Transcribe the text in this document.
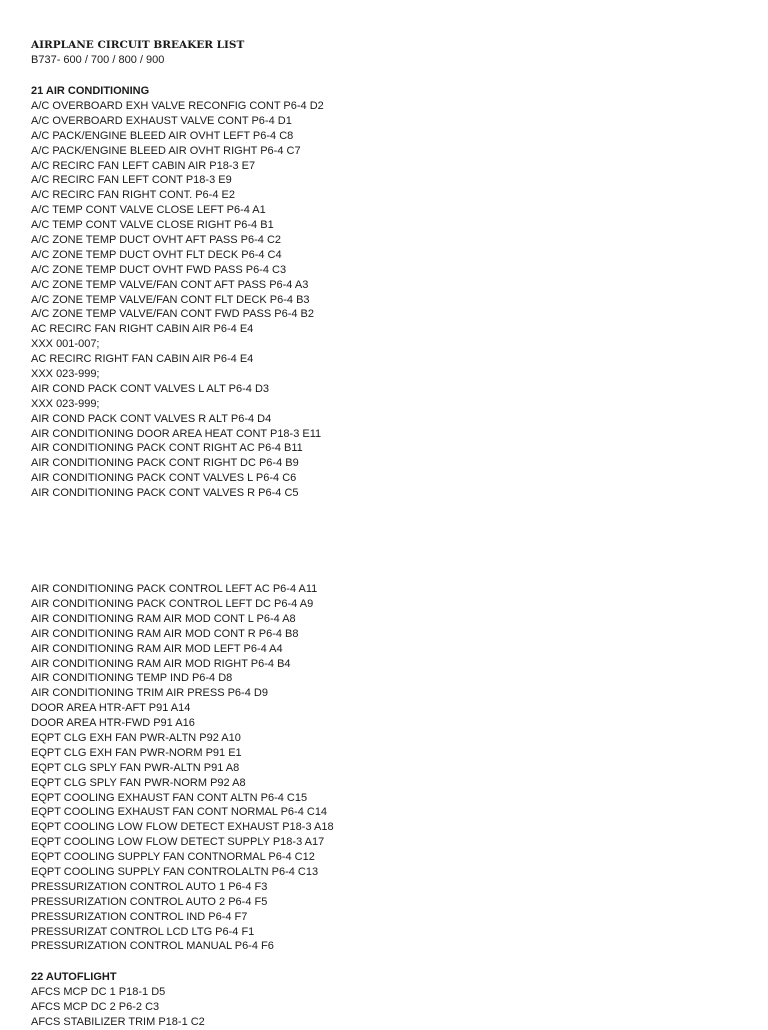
AIRPLANE CIRCUIT BREAKER LIST
B737- 600 / 700 / 800 / 900
21 AIR CONDITIONING
A/C OVERBOARD EXH VALVE RECONFIG CONT P6-4 D2
A/C OVERBOARD EXHAUST VALVE CONT P6-4 D1
A/C PACK/ENGINE BLEED AIR OVHT LEFT P6-4 C8
A/C PACK/ENGINE BLEED AIR OVHT RIGHT P6-4 C7
A/C RECIRC FAN LEFT CABIN AIR P18-3 E7
A/C RECIRC FAN LEFT CONT P18-3 E9
A/C RECIRC FAN RIGHT CONT. P6-4 E2
A/C TEMP CONT VALVE CLOSE LEFT P6-4 A1
A/C TEMP CONT VALVE CLOSE RIGHT P6-4 B1
A/C ZONE TEMP DUCT OVHT AFT PASS P6-4 C2
A/C ZONE TEMP DUCT OVHT FLT DECK P6-4 C4
A/C ZONE TEMP DUCT OVHT FWD PASS P6-4 C3
A/C ZONE TEMP VALVE/FAN CONT AFT PASS P6-4 A3
A/C ZONE TEMP VALVE/FAN CONT FLT DECK P6-4 B3
A/C ZONE TEMP VALVE/FAN CONT FWD PASS P6-4 B2
AC RECIRC FAN RIGHT CABIN AIR P6-4 E4
XXX 001-007;
AC RECIRC RIGHT FAN CABIN AIR P6-4 E4
XXX 023-999;
AIR COND PACK CONT VALVES L ALT P6-4 D3
XXX 023-999;
AIR COND PACK CONT VALVES R ALT P6-4 D4
AIR CONDITIONING DOOR AREA HEAT CONT P18-3 E11
AIR CONDITIONING PACK CONT RIGHT AC P6-4 B11
AIR CONDITIONING PACK CONT RIGHT DC P6-4 B9
AIR CONDITIONING PACK CONT VALVES L P6-4 C6
AIR CONDITIONING PACK CONT VALVES R P6-4 C5
AIR CONDITIONING PACK CONTROL LEFT AC P6-4 A11
AIR CONDITIONING PACK CONTROL LEFT DC P6-4 A9
AIR CONDITIONING RAM AIR MOD CONT L P6-4 A8
AIR CONDITIONING RAM AIR MOD CONT R P6-4 B8
AIR CONDITIONING RAM AIR MOD LEFT P6-4 A4
AIR CONDITIONING RAM AIR MOD RIGHT P6-4 B4
AIR CONDITIONING TEMP IND P6-4 D8
AIR CONDITIONING TRIM AIR PRESS P6-4 D9
DOOR AREA HTR-AFT P91 A14
DOOR AREA HTR-FWD P91 A16
EQPT CLG EXH FAN PWR-ALTN P92 A10
EQPT CLG EXH FAN PWR-NORM P91 E1
EQPT CLG SPLY FAN PWR-ALTN P91 A8
EQPT CLG SPLY FAN PWR-NORM P92 A8
EQPT COOLING EXHAUST FAN CONT ALTN P6-4 C15
EQPT COOLING EXHAUST FAN CONT NORMAL P6-4 C14
EQPT COOLING LOW FLOW DETECT EXHAUST P18-3 A18
EQPT COOLING LOW FLOW DETECT SUPPLY P18-3 A17
EQPT COOLING SUPPLY FAN CONTNORMAL P6-4 C12
EQPT COOLING SUPPLY FAN CONTROLALTN P6-4 C13
PRESSURIZATION CONTROL AUTO 1 P6-4 F3
PRESSURIZATION CONTROL AUTO 2 P6-4 F5
PRESSURIZATION CONTROL IND P6-4 F7
PRESSURIZAT CONTROL LCD LTG P6-4 F1
PRESSURIZATION CONTROL MANUAL P6-4 F6
22 AUTOFLIGHT
AFCS MCP DC 1 P18-1 D5
AFCS MCP DC 2 P6-2 C3
AFCS STABILIZER TRIM P18-1 C2
